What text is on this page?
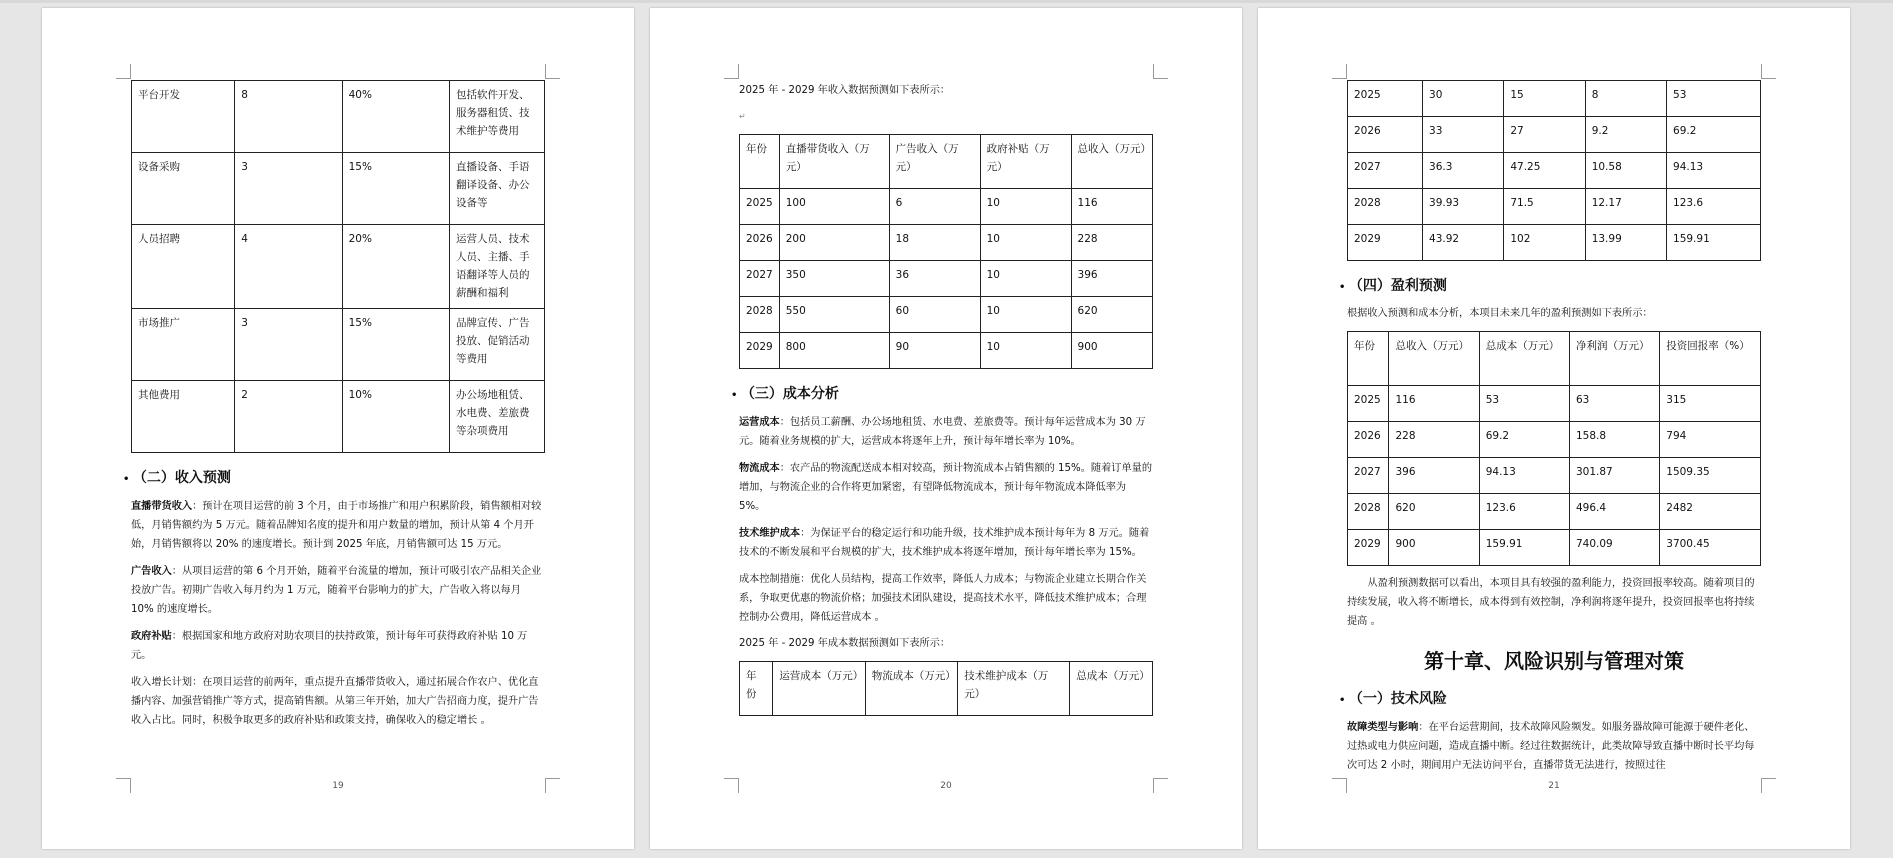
平台开发	8	40%	包括软件开发、服务器租赁、技术维护等费用
设备采购	3	15%	直播设备、手语翻译设备、办公设备等
人员招聘	4	20%	运营人员、技术人员、主播、手语翻译等人员的薪酬和福利
市场推广	3	15%	品牌宣传、广告投放、促销活动等费用
其他费用	2	10%	办公场地租赁、水电费、差旅费等杂项费用
• （二）收入预测

直播带货收入：预计在项目运营的前 3 个月，由于市场推广和用户积累阶段，销售额相对较低，月销售额约为 5 万元。随着品牌知名度的提升和用户数量的增加，预计从第 4 个月开始，月销售额将以 20% 的速度增长。预计到 2025 年底，月销售额可达 15 万元。

广告收入：从项目运营的第 6 个月开始，随着平台流量的增加，预计可吸引农产品相关企业投放广告。初期广告收入每月约为 1 万元，随着平台影响力的扩大，广告收入将以每月 10% 的速度增长。

政府补贴：根据国家和地方政府对助农项目的扶持政策，预计每年可获得政府补贴 10 万元。

收入增长计划：在项目运营的前两年，重点提升直播带货收入，通过拓展合作农户、优化直播内容、加强营销推广等方式，提高销售额。从第三年开始，加大广告招商力度，提升广告收入占比。同时，积极争取更多的政府补贴和政策支持，确保收入的稳定增长 。

19

2025 年 - 2029 年收入数据预测如下表所示：

↵

年份	直播带货收入（万元）	广告收入（万元）	政府补贴（万元）	总收入（万元）
2025	100	6	10	116
2026	200	18	10	228
2027	350	36	10	396
2028	550	60	10	620
2029	800	90	10	900
• （三）成本分析

运营成本：包括员工薪酬、办公场地租赁、水电费、差旅费等。预计每年运营成本为 30 万元。随着业务规模的扩大，运营成本将逐年上升，预计每年增长率为 10%。

物流成本：农产品的物流配送成本相对较高，预计物流成本占销售额的 15%。随着订单量的增加，与物流企业的合作将更加紧密，有望降低物流成本，预计每年物流成本降低率为 5%。

技术维护成本：为保证平台的稳定运行和功能升级，技术维护成本预计每年为 8 万元。随着技术的不断发展和平台规模的扩大，技术维护成本将逐年增加，预计每年增长率为 15%。

成本控制措施：优化人员结构，提高工作效率，降低人力成本；与物流企业建立长期合作关系，争取更优惠的物流价格；加强技术团队建设，提高技术水平，降低技术维护成本；合理控制办公费用，降低运营成本 。

2025 年 - 2029 年成本数据预测如下表所示：

年份	运营成本（万元）	物流成本（万元）	技术维护成本（万元）	总成本（万元）
20
2025	30	15	8	53
2026	33	27	9.2	69.2
2027	36.3	47.25	10.58	94.13
2028	39.93	71.5	12.17	123.6
2029	43.92	102	13.99	159.91
• （四）盈利预测

根据收入预测和成本分析，本项目未来几年的盈利预测如下表所示：

年份	总收入（万元）	总成本（万元）	净利润（万元）	投资回报率（%）
2025	116	53	63	315
2026	228	69.2	158.8	794
2027	396	94.13	301.87	1509.35
2028	620	123.6	496.4	2482
2029	900	159.91	740.09	3700.45

从盈利预测数据可以看出，本项目具有较强的盈利能力，投资回报率较高。随着项目的持续发展，收入将不断增长，成本得到有效控制，净利润将逐年提升，投资回报率也将持续提高 。

第十章、风险识别与管理对策
• （一）技术风险

故障类型与影响：在平台运营期间，技术故障风险频发。如服务器故障可能源于硬件老化、过热或电力供应问题，造成直播中断。经过往数据统计，此类故障导致直播中断时长平均每次可达 2 小时，期间用户无法访问平台，直播带货无法进行，按照过往

21
